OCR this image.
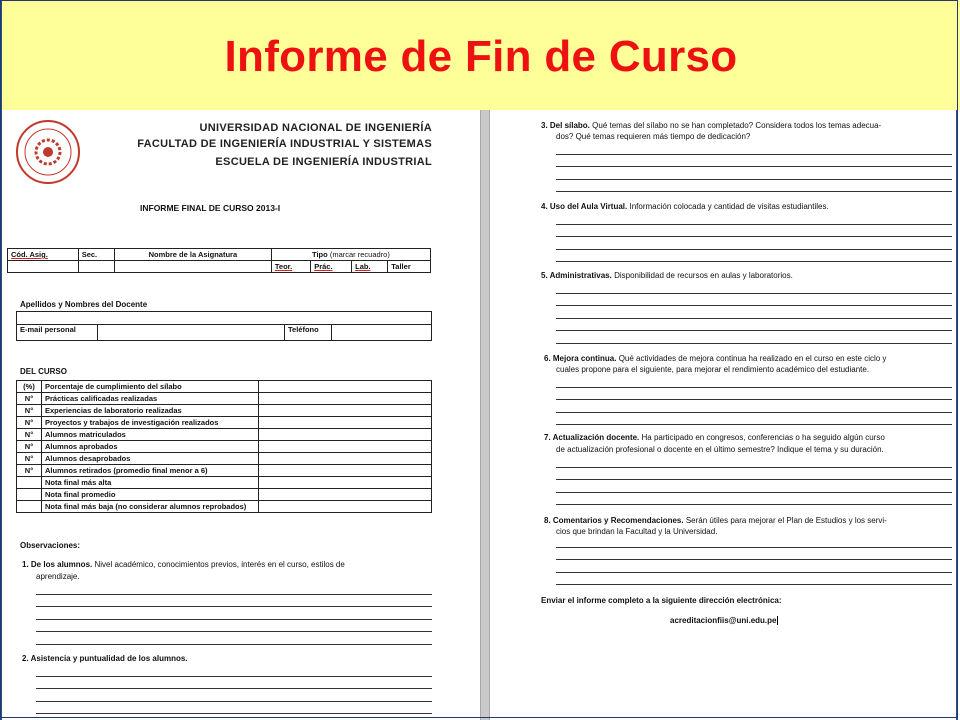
Informe de Fin de Curso
UNIVERSIDAD NACIONAL DE INGENIERÍA
FACULTAD DE INGENIERÍA INDUSTRIAL Y SISTEMAS
ESCUELA DE INGENIERÍA INDUSTRIAL
INFORME FINAL DE CURSO 2013-I
Cód. Asig.	Sec.	Nombre de la Asignatura	Tipo (marcar recuadro)			
			Teor.	Prác.	Lab.	Taller
Apellidos y Nombres del Docente

E-mail personal		Teléfono	
DEL CURSO
(%)	Porcentaje de cumplimiento del sílabo	
N°	Prácticas calificadas realizadas	
N°	Experiencias de laboratorio realizadas	
N°	Proyectos y trabajos de investigación realizados	
N°	Alumnos matriculados	
N°	Alumnos aprobados	
N°	Alumnos desaprobados	
N°	Alumnos retirados (promedio final menor a 6)	
	Nota final más alta	
	Nota final promedio	
	Nota final más baja (no considerar alumnos reprobados)	
Observaciones:
1. De los alumnos. Nivel académico, conocimientos previos, interés en el curso, estilos de
aprendizaje.
2. Asistencia y puntualidad de los alumnos.
3. Del sílabo. Qué temas del sílabo no se han completado? Considera todos los temas adecua-
dos? Qué temas requieren más tiempo de dedicación?
4. Uso del Aula Virtual. Información colocada y cantidad de visitas estudiantiles.
5. Administrativas. Disponibilidad de recursos en aulas y laboratorios.
6. Mejora continua. Qué actividades de mejora continua ha realizado en el curso en este ciclo y
cuales propone para el siguiente, para mejorar el rendimiento académico del estudiante.
7. Actualización docente. Ha participado en congresos, conferencias o ha seguido algún curso
de actualización profesional o docente en el último semestre? Indique el tema y su duración.
8. Comentarios y Recomendaciones. Serán útiles para mejorar el Plan de Estudios y los servi-
cios que brindan la Facultad y la Universidad.
Enviar el informe completo a la siguiente dirección electrónica:
acreditacionfiis@uni.edu.pe
